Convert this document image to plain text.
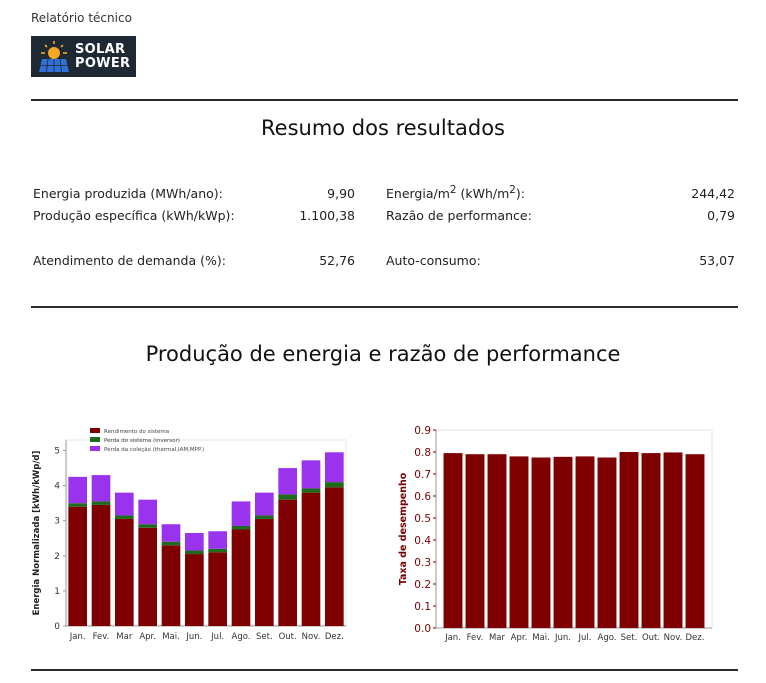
Relatório técnico
SOLAR
POWER
Resumo dos resultados
Energia produzida (MWh/ano):	9,90
Produção específica (kWh/kWp):	1.100,38
Atendimento de demanda (%):	52,76
Energia/$m^2$ $(kWh/m^2)$:	244,42
Razão de performance:	0,79
Auto-consumo:	53,07
Produção de energia e razão de performance
0
1
2
3
4
5
Jan. Fev. Mar Apr. Mai. Jun. Jul. Ago. Set. Out. Nov. Dez.
Energia Normalizada [kWh/kWp/d]
Rendimento do sistema
Perda do sistema (inversor)
Perda da coleção (thermal,IAM,MPP.)
0.0
0.1
0.2
0.3
0.4
0.5
0.6
0.7
0.8
0.9
Jan. Fev. Mar Apr. Mai. Jun. Jul. Ago. Set. Out. Nov. Dez.
Taxa de desempenho
